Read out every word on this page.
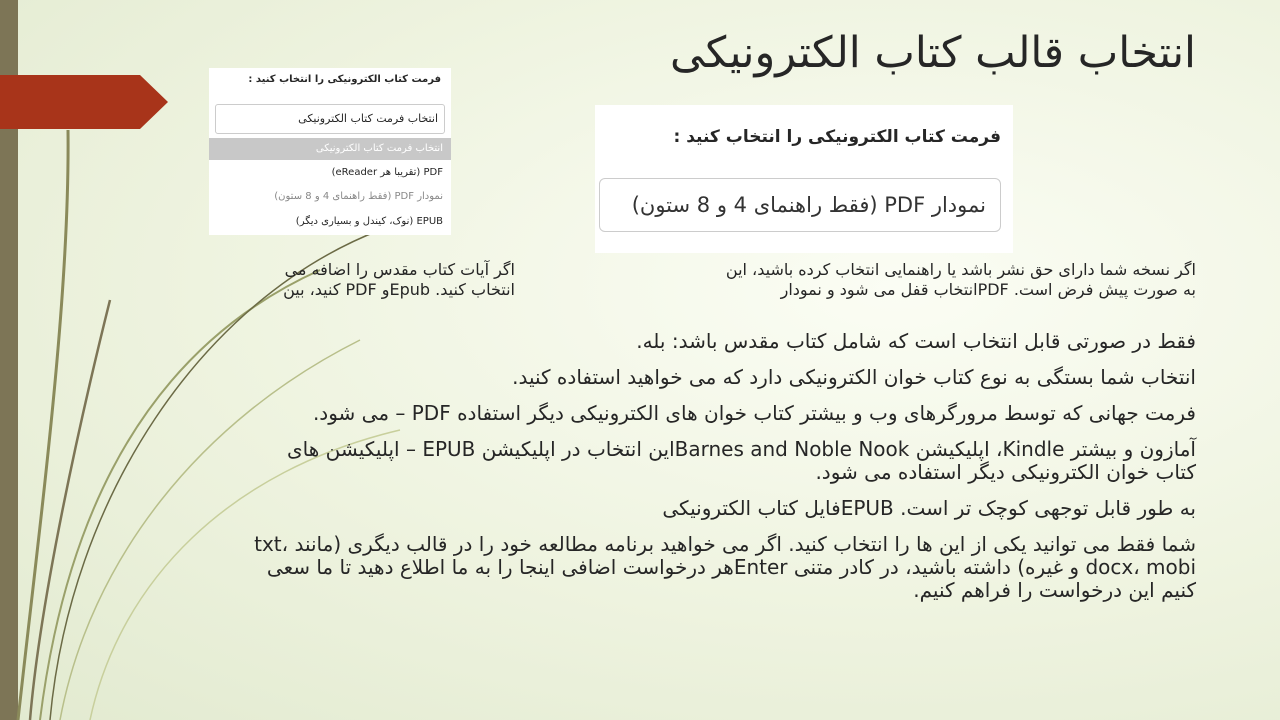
انتخاب قالب کتاب الکترونیکی
فرمت کتاب الکترونیکی را انتخاب کنید :
انتخاب فرمت کتاب الکترونیکی
انتخاب فرمت کتاب الکترونیکی
PDF (تقریبا هر eReader)
نمودار PDF (فقط راهنمای 4 و 8 ستون)
EPUB (نوک، کیندل و بسیاری دیگر)
فرمت کتاب الکترونیکی را انتخاب کنید :
نمودار PDF (فقط راهنمای 4 و 8 ستون)
اگر نسخه شما دارای حق نشر باشد یا راهنمایی انتخاب کرده باشید، این
به صورت پیش فرض است. PDFانتخاب قفل می شود و نمودار
اگر آیات کتاب مقدس را اضافه می
انتخاب کنید. Epubو PDF کنید، بین
فقط در صورتی قابل انتخاب است که شامل کتاب مقدس باشد: بله.
انتخاب شما بستگی به نوع کتاب خوان الکترونیکی دارد که می خواهید استفاده کنید.
فرمت جهانی که توسط مرورگرهای وب و بیشتر کتاب خوان های الکترونیکی دیگر استفاده PDF – می شود.
آمازون و بیشتر Kindle، اپلیکیشن Barnes and Noble Nookاین انتخاب در اپلیکیشن EPUB – اپلیکیشن های کتاب خوان الکترونیکی دیگر استفاده می شود.
به طور قابل توجهی کوچک تر است. EPUBفایل کتاب الکترونیکی
شما فقط می توانید یکی از این ها را انتخاب کنید. اگر می خواهید برنامه مطالعه خود را در قالب دیگری (مانند txt، docx، mobi و غیره) داشته باشید، در کادر متنی Enterهر درخواست اضافی اینجا را به ما اطلاع دهید تا ما سعی کنیم این درخواست را فراهم کنیم.
